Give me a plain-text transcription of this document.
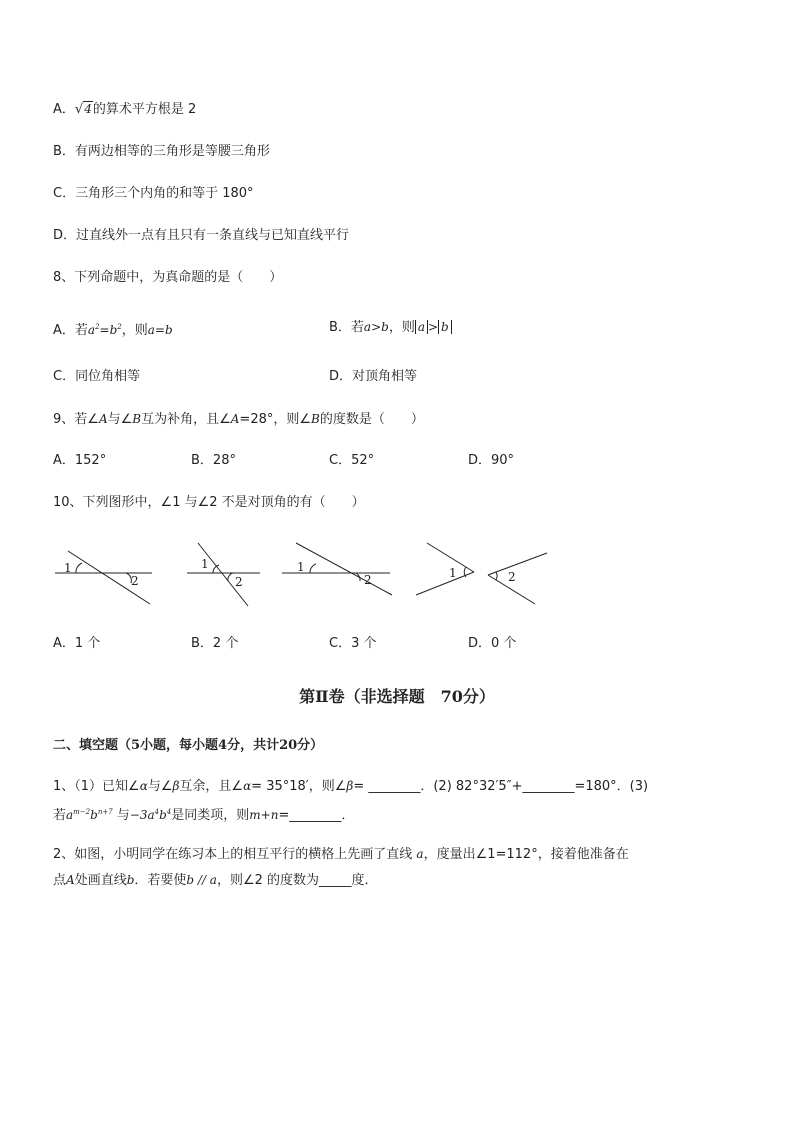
A．√4的算术平方根是 2
B．有两边相等的三角形是等腰三角形
C．三角形三个内角的和等于 180°
D．过直线外一点有且只有一条直线与已知直线平行
8、下列命题中，为真命题的是（　　）
A．若$a^2=b^2$，则a=b	B．若a>b，则 a > b
C．同位角相等	D．对顶角相等
9、若∠A与∠B互为补角，且∠A=28°，则∠B的度数是（　　）
A．152°	B．28°	C．52°	D．90°
10、下列图形中，∠1 与∠2 不是对顶角的有（　　）
1
2
1
2
1
2	1	2
A．1 个	B．2 个	C．3 个	D．0 个
第Ⅱ卷（非选择题　70分）
二、填空题（5小题，每小题4分，共计20分）
1、（1）已知∠α与∠β互余，且∠α= 35°18′，则∠β= ________．(2) 82°32′5″+________=180°．(3)
若$a^{m-2}b^{n+7}$ 与$-3a^4b^4$是同类项，则m+n=________．
2、如图，小明同学在练习本上的相互平行的横格上先画了直线 a，度量出∠1=112°，接着他准备在
点A处画直线b．若要使b // a，则∠2 的度数为_____度．
